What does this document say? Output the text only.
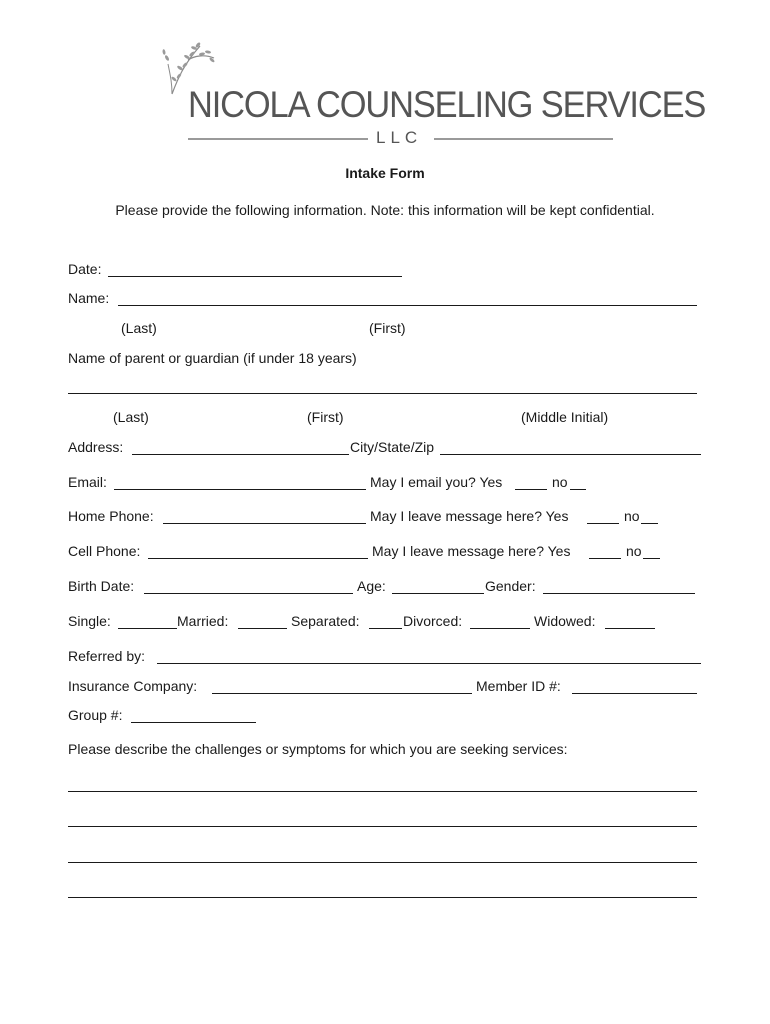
NICOLA COUNSELING SERVICES
LLC
Intake Form
Please provide the following information. Note: this information will be kept confidential.
Date:
Name:
(Last)	(First)
Name of parent or guardian (if under 18 years)
(Last)	(First)	(Middle Initial)
Address:	City/State/Zip
Email:	May I email you? Yes	no
Home Phone:	May I leave message here? Yes	no
Cell Phone:	May I leave message here? Yes	no
Birth Date:	Age:	Gender:
Single:	Married:	Separated:	Divorced:	Widowed:
Referred by:
Insurance Company:	Member ID #:
Group #:
Please describe the challenges or symptoms for which you are seeking services:
